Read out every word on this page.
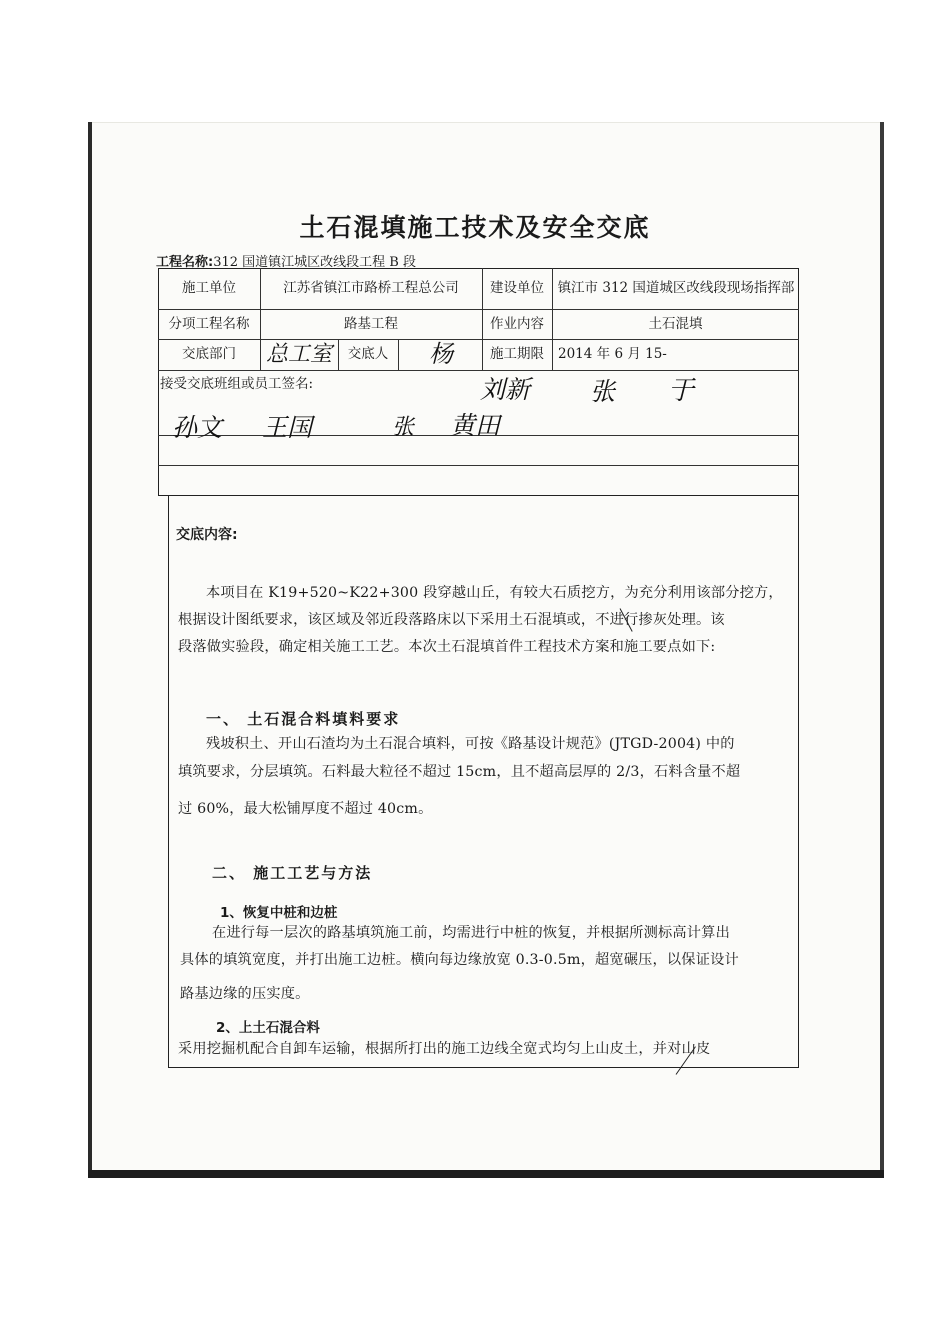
土石混填施工技术及安全交底
工程名称:312 国道镇江城区改线段工程 B 段
施工单位	江苏省镇江市路桥工程总公司	建设单位	镇江市 312 国道城区改线段现场指挥部
分项工程名称	路基工程	作业内容	土石混填
交底部门	总工室	交底人	杨	施工期限	2014 年 6 月 15-
接受交底班组或员工签名:	刘新 张 于
孙文 王国	张 黄田
交底内容:
本项目在 K19+520~K22+300 段穿越山丘，有较大石质挖方，为充分利用该部分挖方，
根据设计图纸要求，该区域及邻近段落路床以下采用土石混填或，不进行掺灰处理。该
段落做实验段，确定相关施工工艺。本次土石混填首件工程技术方案和施工要点如下:
一、 土石混合料填料要求
残坡积土、开山石渣均为土石混合填料，可按《路基设计规范》(JTGD-2004) 中的
填筑要求，分层填筑。石料最大粒径不超过 15cm，且不超高层厚的 2/3，石料含量不超
过 60%，最大松铺厚度不超过 40cm。
二、 施工工艺与方法
1、恢复中桩和边桩
在进行每一层次的路基填筑施工前，均需进行中桩的恢复，并根据所测标高计算出
具体的填筑宽度，并打出施工边桩。横向每边缘放宽 0.3-0.5m，超宽碾压，以保证设计
路基边缘的压实度。
2、上土石混合料
采用挖掘机配合自卸车运输，根据所打出的施工边线全宽式均匀上山皮土，并对山皮
